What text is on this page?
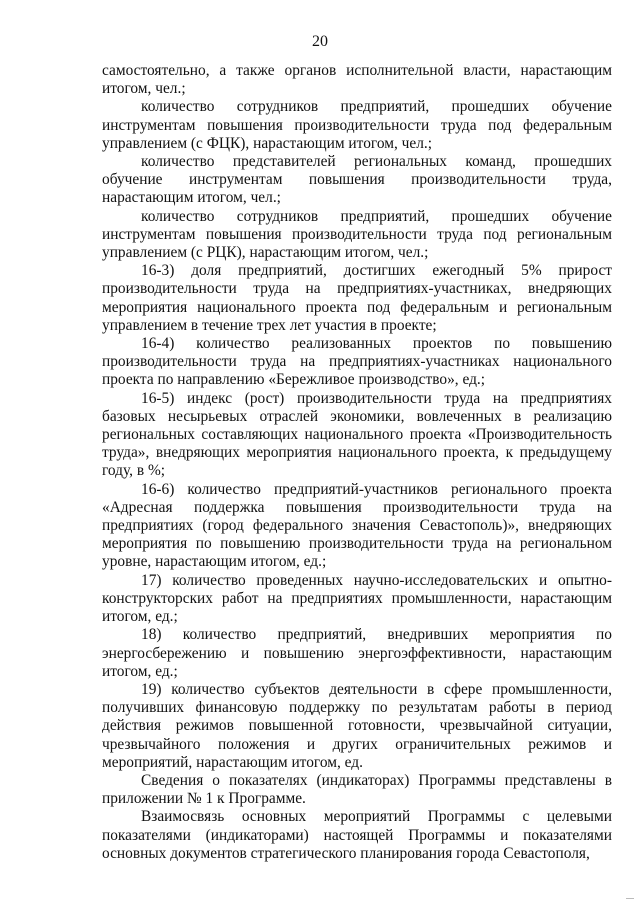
20

самостоятельно, а также органов исполнительной власти, нарастающим итогом, чел.;

количество сотрудников предприятий, прошедших обучение инструментам повышения производительности труда под федеральным управлением (с ФЦК), нарастающим итогом, чел.;

количество представителей региональных команд, прошедших обучение инструментам повышения производительности труда, нарастающим итогом, чел.;

количество сотрудников предприятий, прошедших обучение инструментам повышения производительности труда под региональным управлением (с РЦК), нарастающим итогом, чел.;

16-3) доля предприятий, достигших ежегодный 5% прирост производительности труда на предприятиях-участниках, внедряющих мероприятия национального проекта под федеральным и региональным управлением в течение трех лет участия в проекте;

16-4) количество реализованных проектов по повышению производительности труда на предприятиях-участниках национального проекта по направлению «Бережливое производство», ед.;

16-5) индекс (рост) производительности труда на предприятиях базовых несырьевых отраслей экономики, вовлеченных в реализацию региональных составляющих национального проекта «Производительность труда», внедряющих мероприятия национального проекта, к предыдущему году, в %;

16-6) количество предприятий-участников регионального проекта «Адресная поддержка повышения производительности труда на предприятиях (город федерального значения Севастополь)», внедряющих мероприятия по повышению производительности труда на региональном уровне, нарастающим итогом, ед.;

17) количество проведенных научно-исследовательских и опытно-конструкторских работ на предприятиях промышленности, нарастающим итогом, ед.;

18) количество предприятий, внедривших мероприятия по энергосбережению и повышению энергоэффективности, нарастающим итогом, ед.;

19) количество субъектов деятельности в сфере промышленности, получивших финансовую поддержку по результатам работы в период действия режимов повышенной готовности, чрезвычайной ситуации, чрезвычайного положения и других ограничительных режимов и мероприятий, нарастающим итогом, ед.

Сведения о показателях (индикаторах) Программы представлены в приложении № 1 к Программе.

Взаимосвязь основных мероприятий Программы с целевыми показателями (индикаторами) настоящей Программы и показателями основных документов стратегического планирования города Севастополя,
